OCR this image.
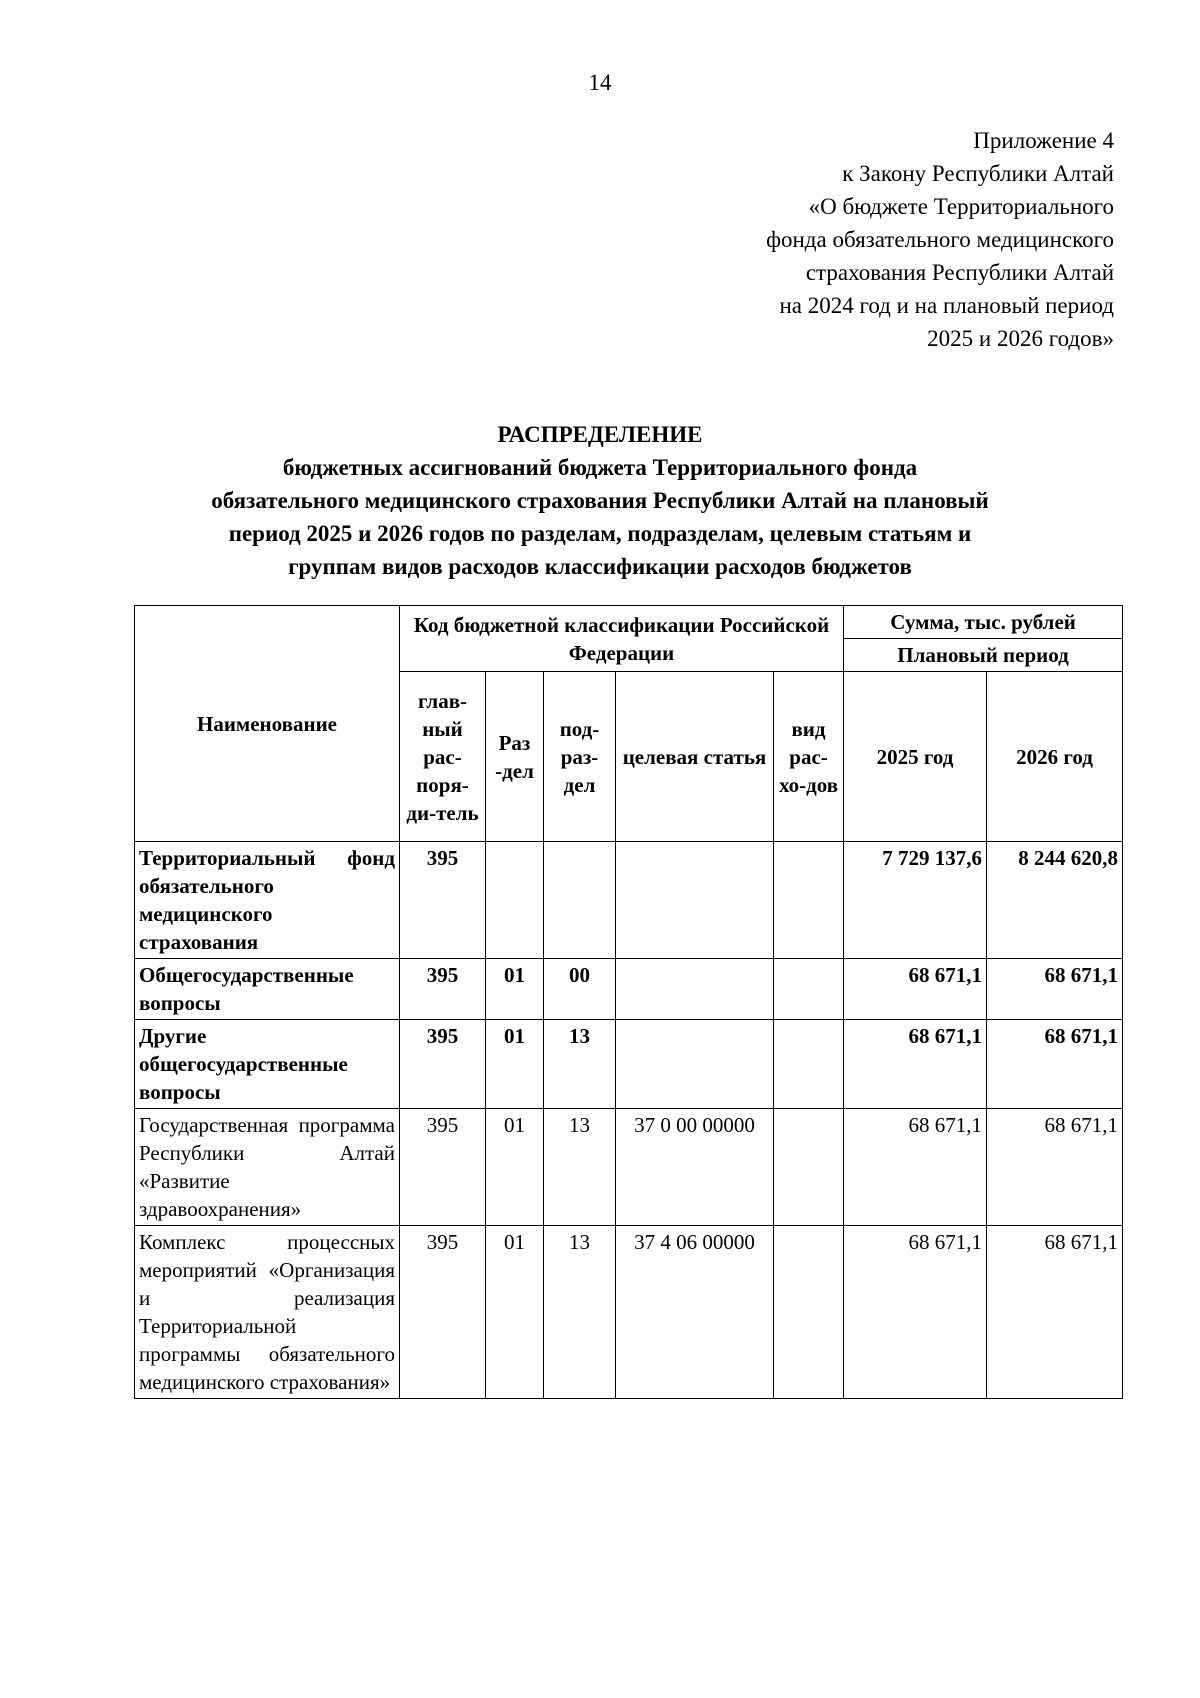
14
Приложение 4
к Закону Республики Алтай
«О бюджете Территориального
фонда обязательного медицинского
страхования Республики Алтай
на 2024 год и на плановый период
2025 и 2026 годов»
РАСПРЕДЕЛЕНИЕ
бюджетных ассигнований бюджета Территориального фонда
обязательного медицинского страхования Республики Алтай на плановый
период 2025 и 2026 годов по разделам, подразделам, целевым статьям и
группам видов расходов классификации расходов бюджетов
Наименование	Код бюджетной классификации Российской Федерации					Сумма, тыс. рублей	
						Плановый период	
	глав-ный рас-поря-ди-тель	Раз -дел	под-раз-дел	целевая статья	вид рас-хо-дов	2025 год	2026 год
Территориальный фонд обязательного медицинского страхования	395					7 729 137,6	8 244 620,8
Общегосударственные вопросы	395	01	00			68 671,1	68 671,1
Другие общегосударственные вопросы	395	01	13			68 671,1	68 671,1
Государственная программа Республики Алтай «Развитие здравоохранения»	395	01	13	37 0 00 00000		68 671,1	68 671,1
Комплекс процессных мероприятий «Организация и реализация Территориальной программы обязательного медицинского страхования»	395	01	13	37 4 06 00000		68 671,1	68 671,1
